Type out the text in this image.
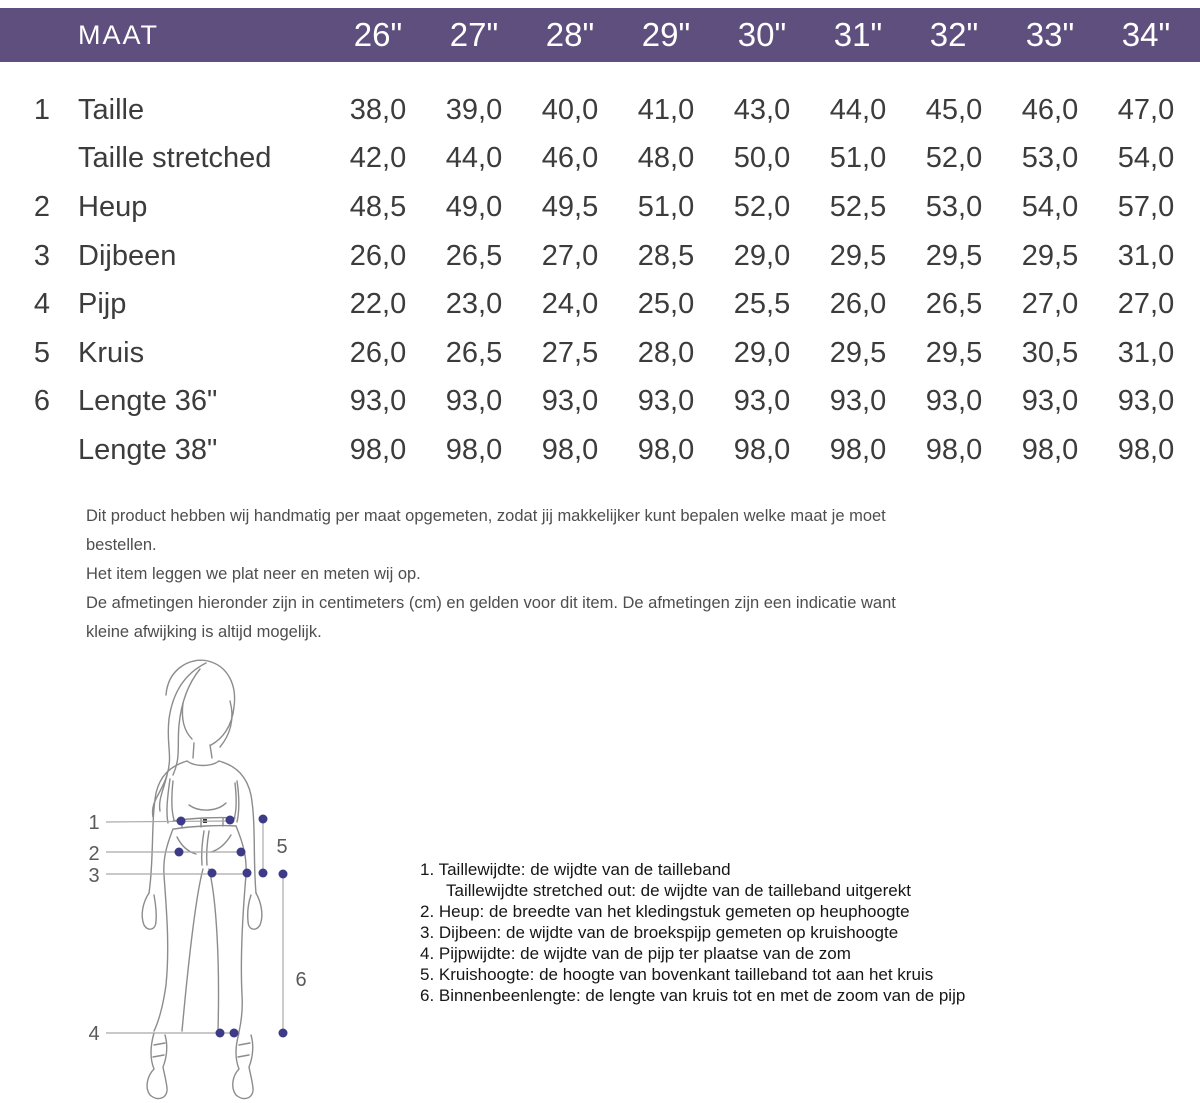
MAAT	26"	27"	28"	29"	30"	31"	32"	33"	34"
1 Taille	38,0	39,0	40,0	41,0	43,0	44,0	45,0	46,0	47,0
Taille stretched	42,0	44,0	46,0	48,0	50,0	51,0	52,0	53,0	54,0
2 Heup	48,5	49,0	49,5	51,0	52,0	52,5	53,0	54,0	57,0
3 Dijbeen	26,0	26,5	27,0	28,5	29,0	29,5	29,5	29,5	31,0
4 Pijp	22,0	23,0	24,0	25,0	25,5	26,0	26,5	27,0	27,0
5 Kruis	26,0	26,5	27,5	28,0	29,0	29,5	29,5	30,5	31,0
6 Lengte 36"	93,0	93,0	93,0	93,0	93,0	93,0	93,0	93,0	93,0
Lengte 38"	98,0	98,0	98,0	98,0	98,0	98,0	98,0	98,0	98,0
Dit product hebben wij handmatig per maat opgemeten, zodat jij makkelijker kunt bepalen welke maat je moet
bestellen.
Het item leggen we plat neer en meten wij op.
De afmetingen hieronder zijn in centimeters (cm) en gelden voor dit item. De afmetingen zijn een indicatie want
kleine afwijking is altijd mogelijk.
1. Taillewijdte: de wijdte van de tailleband
Taillewijdte stretched out: de wijdte van de tailleband uitgerekt
2. Heup: de breedte van het kledingstuk gemeten op heuphoogte
3. Dijbeen: de wijdte van de broekspijp gemeten op kruishoogte
4. Pijpwijdte: de wijdte van de pijp ter plaatse van de zom
5. Kruishoogte: de hoogte van bovenkant tailleband tot aan het kruis
6. Binnenbeenlengte: de lengte van kruis tot en met de zoom van de pijp
1
2
3
4
5
6
